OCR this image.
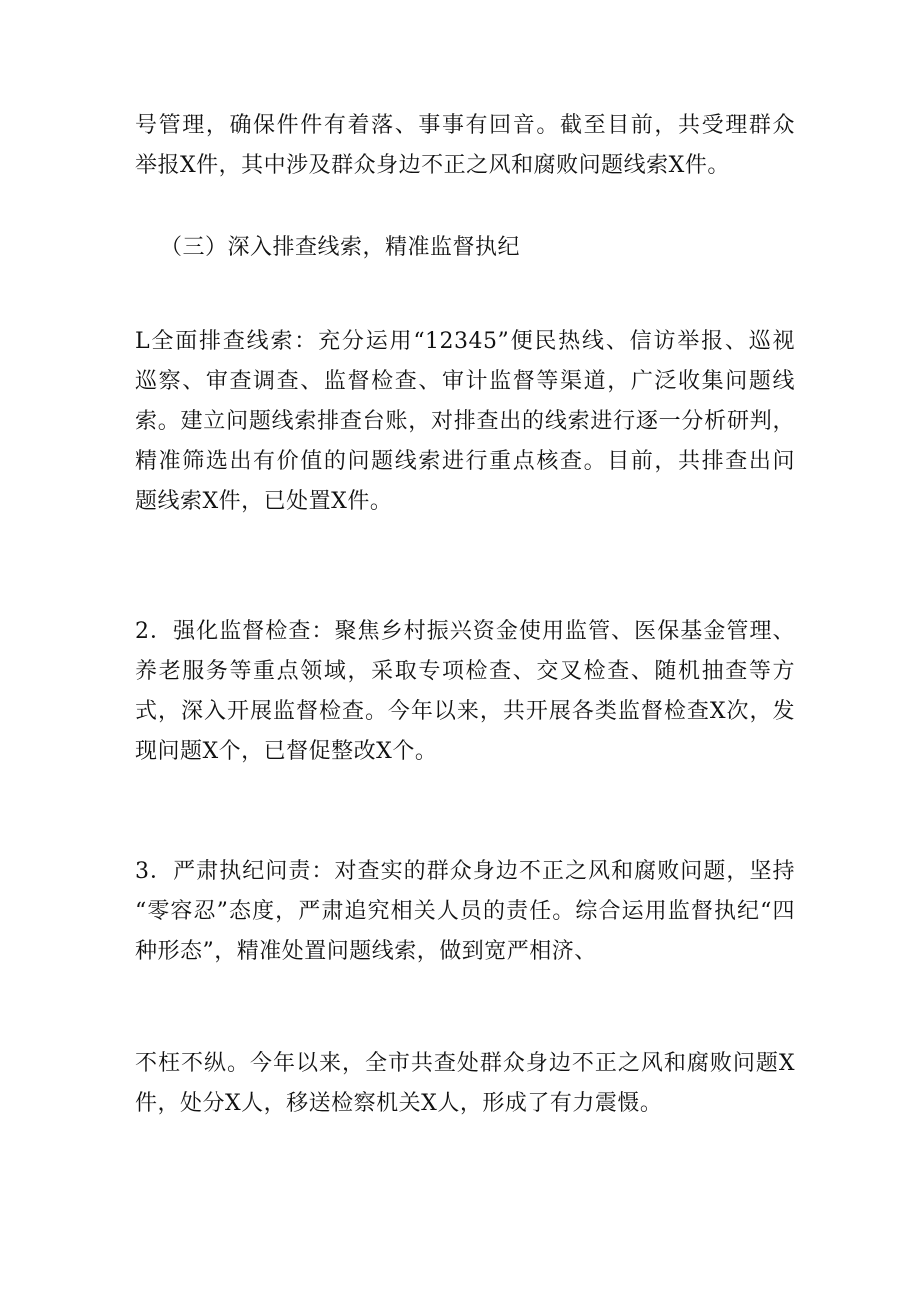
号管理，确保件件有着落、事事有回音。截至目前，共受理群众
举报X件，其中涉及群众身边不正之风和腐败问题线索X件。
（三）深入排查线索，精准监督执纪
L全面排查线索：充分运用“12345”便民热线、信访举报、巡视
巡察、审查调查、监督检查、审计监督等渠道，广泛收集问题线
索。建立问题线索排查台账，对排查出的线索进行逐一分析研判，
精准筛选出有价值的问题线索进行重点核查。目前，共排查出问
题线索X件，已处置X件。
2．强化监督检查：聚焦乡村振兴资金使用监管、医保基金管理、
养老服务等重点领域，采取专项检查、交叉检查、随机抽查等方
式，深入开展监督检查。今年以来，共开展各类监督检查X次，发
现问题X个，已督促整改X个。
3．严肃执纪问责：对查实的群众身边不正之风和腐败问题，坚持
“零容忍”态度，严肃追究相关人员的责任。综合运用监督执纪“四
种形态”，精准处置问题线索，做到宽严相济、
不枉不纵。今年以来，全市共查处群众身边不正之风和腐败问题X
件，处分X人，移送检察机关X人，形成了有力震慑。
